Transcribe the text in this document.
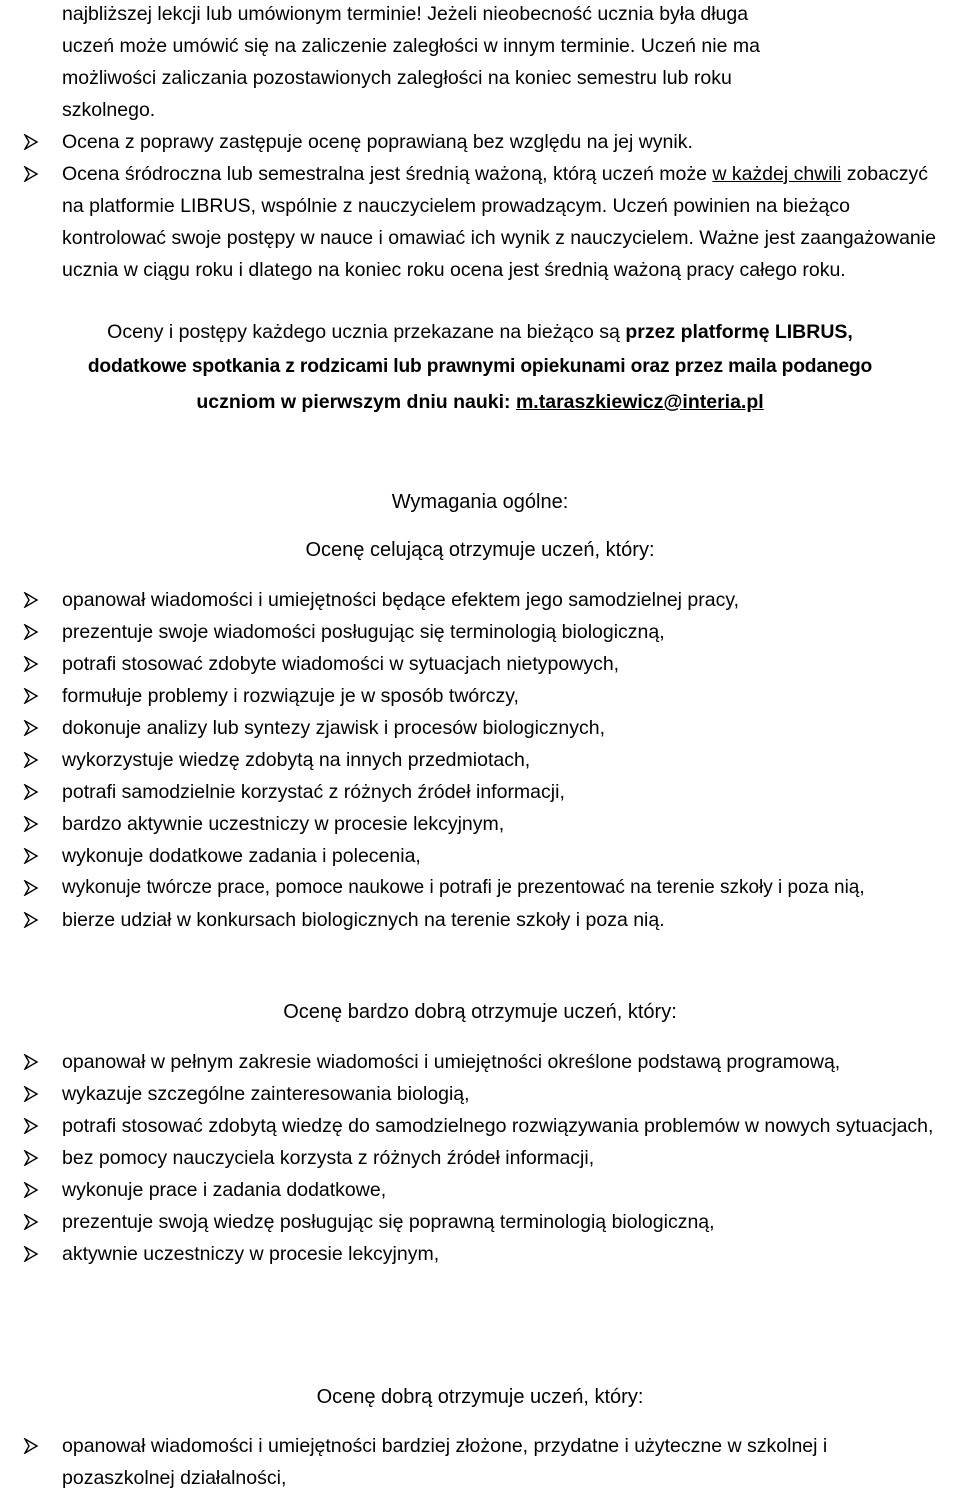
najbliższej lekcji lub umówionym terminie! Jeżeli nieobecność ucznia była długa
uczeń może umówić się na zaliczenie zaległości w innym terminie. Uczeń nie ma
możliwości zaliczania pozostawionych zaległości na koniec semestru lub roku
szkolnego.
Ocena z poprawy zastępuje ocenę poprawianą bez względu na jej wynik.
Ocena śródroczna lub semestralna jest średnią ważoną, którą uczeń może w każdej chwili zobaczyć na platformie LIBRUS, wspólnie z nauczycielem prowadzącym. Uczeń powinien na bieżąco kontrolować swoje postępy w nauce i omawiać ich wynik z nauczycielem. Ważne jest zaangażowanie ucznia w ciągu roku i dlatego na koniec roku ocena jest średnią ważoną pracy całego roku.
Oceny i postępy każdego ucznia przekazane na bieżąco są przez platformę LIBRUS,
dodatkowe spotkania z rodzicami lub prawnymi opiekunami oraz przez maila podanego
uczniom w pierwszym dniu nauki: m.taraszkiewicz@interia.pl
Wymagania ogólne:
Ocenę celującą otrzymuje uczeń, który:
opanował wiadomości i umiejętności będące efektem jego samodzielnej pracy,
prezentuje swoje wiadomości posługując się terminologią biologiczną,
potrafi stosować zdobyte wiadomości w sytuacjach nietypowych,
formułuje problemy i rozwiązuje je w sposób twórczy,
dokonuje analizy lub syntezy zjawisk i procesów biologicznych,
wykorzystuje wiedzę zdobytą na innych przedmiotach,
potrafi samodzielnie korzystać z różnych źródeł informacji,
bardzo aktywnie uczestniczy w procesie lekcyjnym,
wykonuje dodatkowe zadania i polecenia,
wykonuje twórcze prace, pomoce naukowe i potrafi je prezentować na terenie szkoły i poza nią,
bierze udział w konkursach biologicznych na terenie szkoły i poza nią.
Ocenę bardzo dobrą otrzymuje uczeń, który:
opanował w pełnym zakresie wiadomości i umiejętności określone podstawą programową,
wykazuje szczególne zainteresowania biologią,
potrafi stosować zdobytą wiedzę do samodzielnego rozwiązywania problemów w nowych sytuacjach,
bez pomocy nauczyciela korzysta z różnych źródeł informacji,
wykonuje prace i zadania dodatkowe,
prezentuje swoją wiedzę posługując się poprawną terminologią biologiczną,
aktywnie uczestniczy w procesie lekcyjnym,
Ocenę dobrą otrzymuje uczeń, który:
opanował wiadomości i umiejętności bardziej złożone, przydatne i użyteczne w szkolnej i pozaszkolnej działalności,
